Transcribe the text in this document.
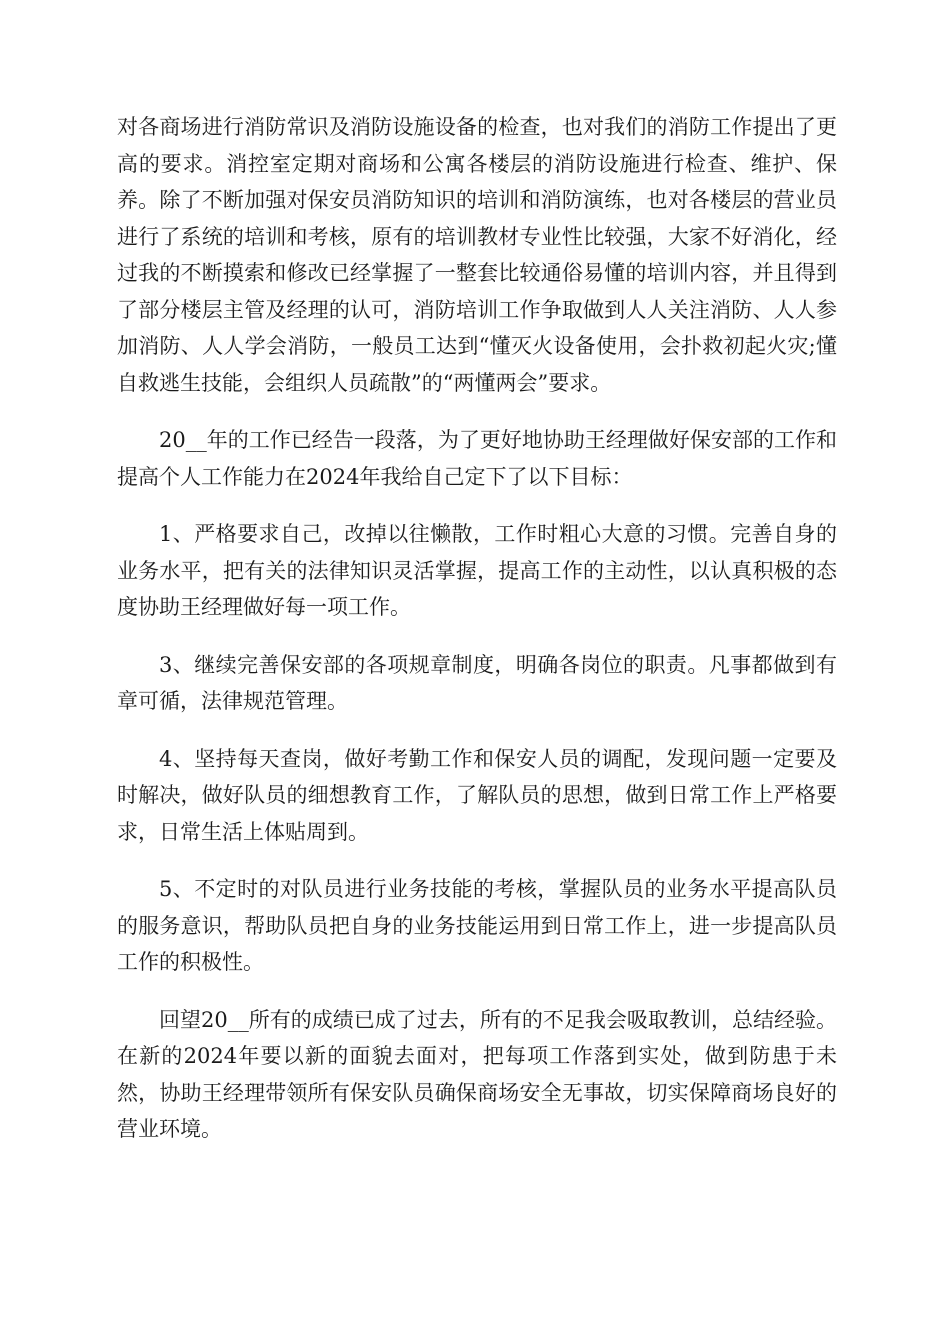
对各商场进行消防常识及消防设施设备的检查，也对我们的消防工作提出了更高的要求。消控室定期对商场和公寓各楼层的消防设施进行检查、维护、保养。除了不断加强对保安员消防知识的培训和消防演练，也对各楼层的营业员进行了系统的培训和考核，原有的培训教材专业性比较强，大家不好消化，经过我的不断摸索和修改已经掌握了一整套比较通俗易懂的培训内容，并且得到了部分楼层主管及经理的认可，消防培训工作争取做到人人关注消防、人人参加消防、人人学会消防，一般员工达到“懂灭火设备使用，会扑救初起火灾;懂自救逃生技能，会组织人员疏散”的“两懂两会”要求。

20__年的工作已经告一段落，为了更好地协助王经理做好保安部的工作和提高个人工作能力在2024年我给自己定下了以下目标：

1、严格要求自己，改掉以往懒散，工作时粗心大意的习惯。完善自身的业务水平，把有关的法律知识灵活掌握，提高工作的主动性，以认真积极的态度协助王经理做好每一项工作。

3、继续完善保安部的各项规章制度，明确各岗位的职责。凡事都做到有章可循，法律规范管理。

4、坚持每天查岗，做好考勤工作和保安人员的调配，发现问题一定要及时解决，做好队员的细想教育工作，了解队员的思想，做到日常工作上严格要求，日常生活上体贴周到。

5、不定时的对队员进行业务技能的考核，掌握队员的业务水平提高队员的服务意识，帮助队员把自身的业务技能运用到日常工作上，进一步提高队员工作的积极性。

回望20__所有的成绩已成了过去，所有的不足我会吸取教训，总结经验。在新的2024年要以新的面貌去面对，把每项工作落到实处，做到防患于未然，协助王经理带领所有保安队员确保商场安全无事故，切实保障商场良好的营业环境。
